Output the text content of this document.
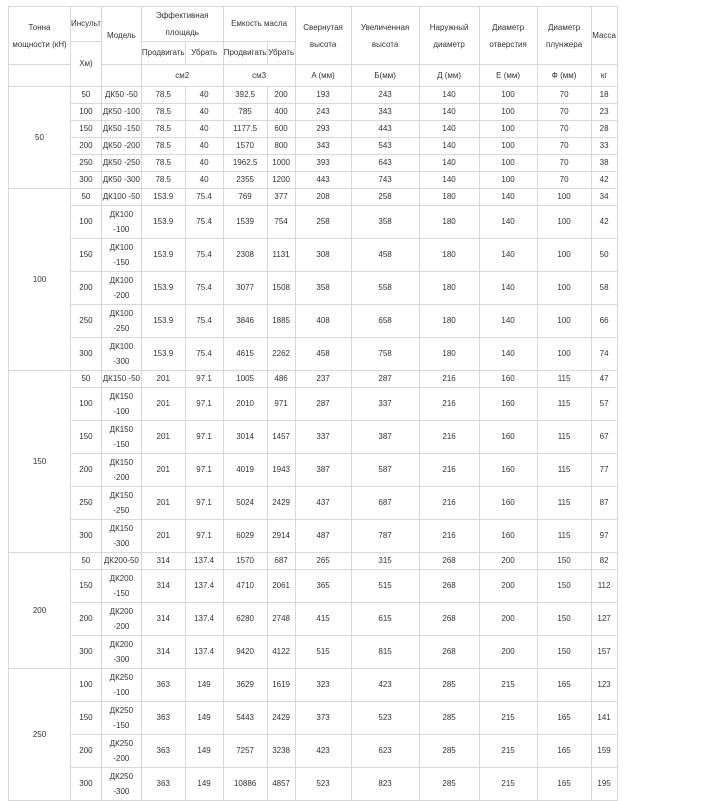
Тонна мощности (кН)	Инсульт	Модель	Эффективная площадь		Емкость масла		Свернутая высота	Увеличенная высота	Наружный диаметр	Диаметр отверстия	Диаметр плунжера	Масса
	Хм)		Продвигать	Убрать	Продвигать	Убрать						
			см2		см3		A (мм)	Б(мм)	Д (мм)	E (мм)	Ф (мм)	кг
50	50	ДК50 -50	78.5	40	392.5	200	193	243	140	100	70	18
	100	ДК50 -100	78.5	40	785	400	243	343	140	100	70	23
	150	ДК50 -150	78.5	40	1177.5	600	293	443	140	100	70	28
	200	ДК50 -200	78.5	40	1570	800	343	543	140	100	70	33
	250	ДК50 -250	78.5	40	1962.5	1000	393	643	140	100	70	38
	300	ДК50 -300	78.5	40	2355	1200	443	743	140	100	70	42
100	50	ДК100 -50	153.9	75.4	769	377	208	258	180	140	100	34
	100	ДК100 -100	153.9	75.4	1539	754	258	358	180	140	100	42
	150	ДК100 -150	153.9	75.4	2308	1131	308	458	180	140	100	50
	200	ДК100 -200	153.9	75.4	3077	1508	358	558	180	140	100	58
	250	ДК100 -250	153.9	75.4	3846	1885	408	658	180	140	100	66
	300	ДК100 -300	153.9	75.4	4615	2262	458	758	180	140	100	74
150	50	ДК150 -50	201	97.1	1005	486	237	287	216	160	115	47
	100	ДК150 -100	201	97.1	2010	971	287	337	216	160	115	57
	150	ДК150 -150	201	97.1	3014	1457	337	387	216	160	115	67
	200	ДК150 -200	201	97.1	4019	1943	387	587	216	160	115	77
	250	ДК150 -250	201	97.1	5024	2429	437	687	216	160	115	87
	300	ДК150 -300	201	97.1	6029	2914	487	787	216	160	115	97
200	50	ДК200-50	314	137.4	1570	687	265	315	268	200	150	82
	150	ДК200 -150	314	137.4	4710	2061	365	515	268	200	150	112
	200	ДК200 -200	314	137.4	6280	2748	415	615	268	200	150	127
	300	ДК200 -300	314	137.4	9420	4122	515	815	268	200	150	157
250	100	ДК250 -100	363	149	3629	1619	323	423	285	215	165	123
	150	ДК250 -150	363	149	5443	2429	373	523	285	215	165	141
	200	ДК250 -200	363	149	7257	3238	423	623	285	215	165	159
	300	ДК250 -300	363	149	10886	4857	523	823	285	215	165	195
